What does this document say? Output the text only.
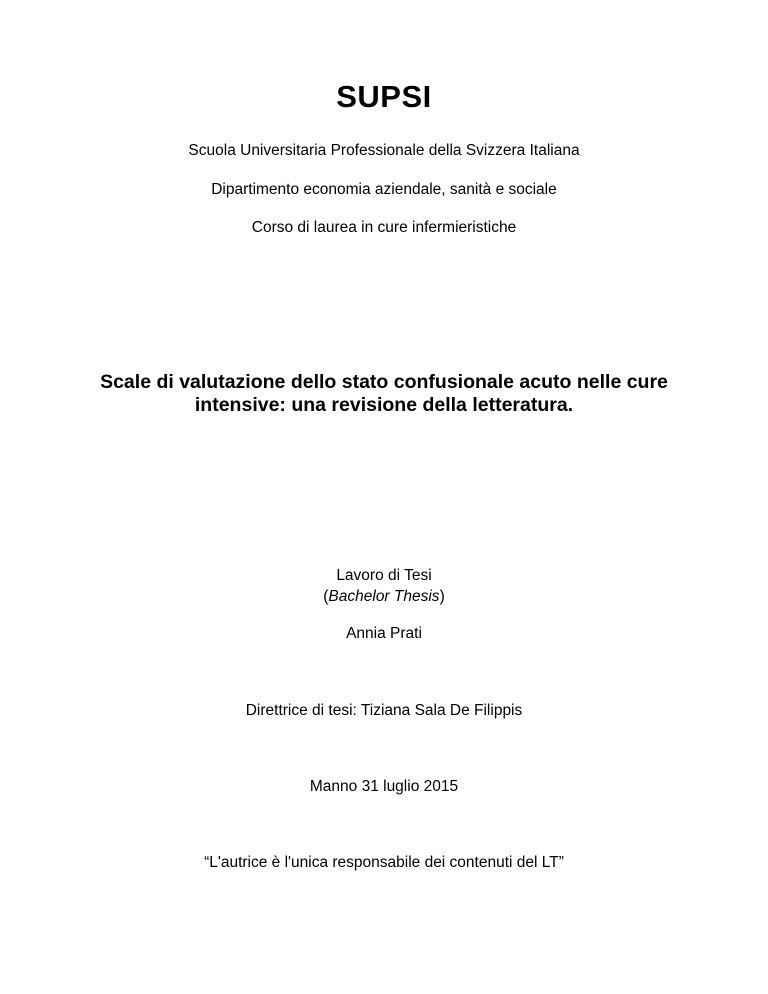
SUPSI
Scuola Universitaria Professionale della Svizzera Italiana
Dipartimento economia aziendale, sanità e sociale
Corso di laurea in cure infermieristiche
Scale di valutazione dello stato confusionale acuto nelle cure
intensive: una revisione della letteratura.
Lavoro di Tesi
(Bachelor Thesis)
Annia Prati
Direttrice di tesi: Tiziana Sala De Filippis
Manno 31 luglio 2015
“L'autrice è l'unica responsabile dei contenuti del LT”
